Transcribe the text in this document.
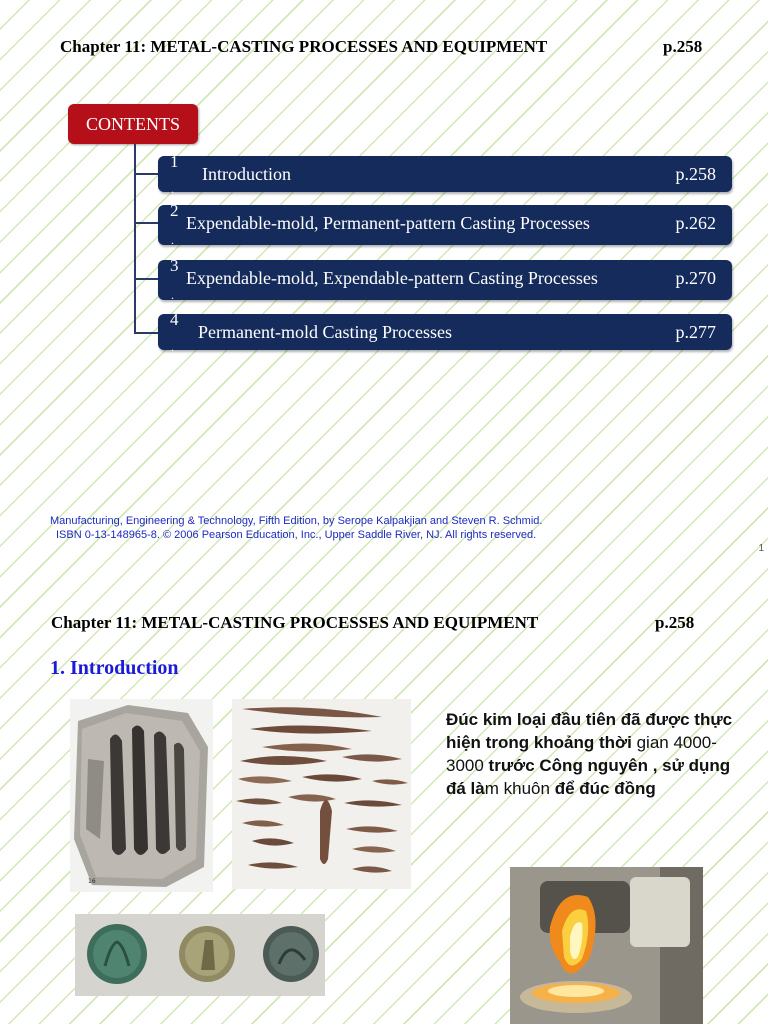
Chapter 11: METAL-CASTING PROCESSES AND EQUIPMENT	p.258
CONTENTS
1
.
Introduction	p.258
2
.
Expendable-mold, Permanent-pattern Casting Processes	p.262
3
.
Expendable-mold, Expendable-pattern Casting Processes	p.270
4
.
Permanent-mold Casting Processes	p.277
Manufacturing, Engineering & Technology, Fifth Edition, by Serope Kalpakjian and Steven R. Schmid.
ISBN 0-13-148965-8. © 2006 Pearson Education, Inc., Upper Saddle River, NJ. All rights reserved.
1
Chapter 11: METAL-CASTING PROCESSES AND EQUIPMENT	p.258
1. Introduction
16
Đúc kim loại đầu tiên đã được thực hiện trong khoảng thời gian 4000-3000 trước Công nguyên , sử dụng đá làm khuôn để đúc đồng
